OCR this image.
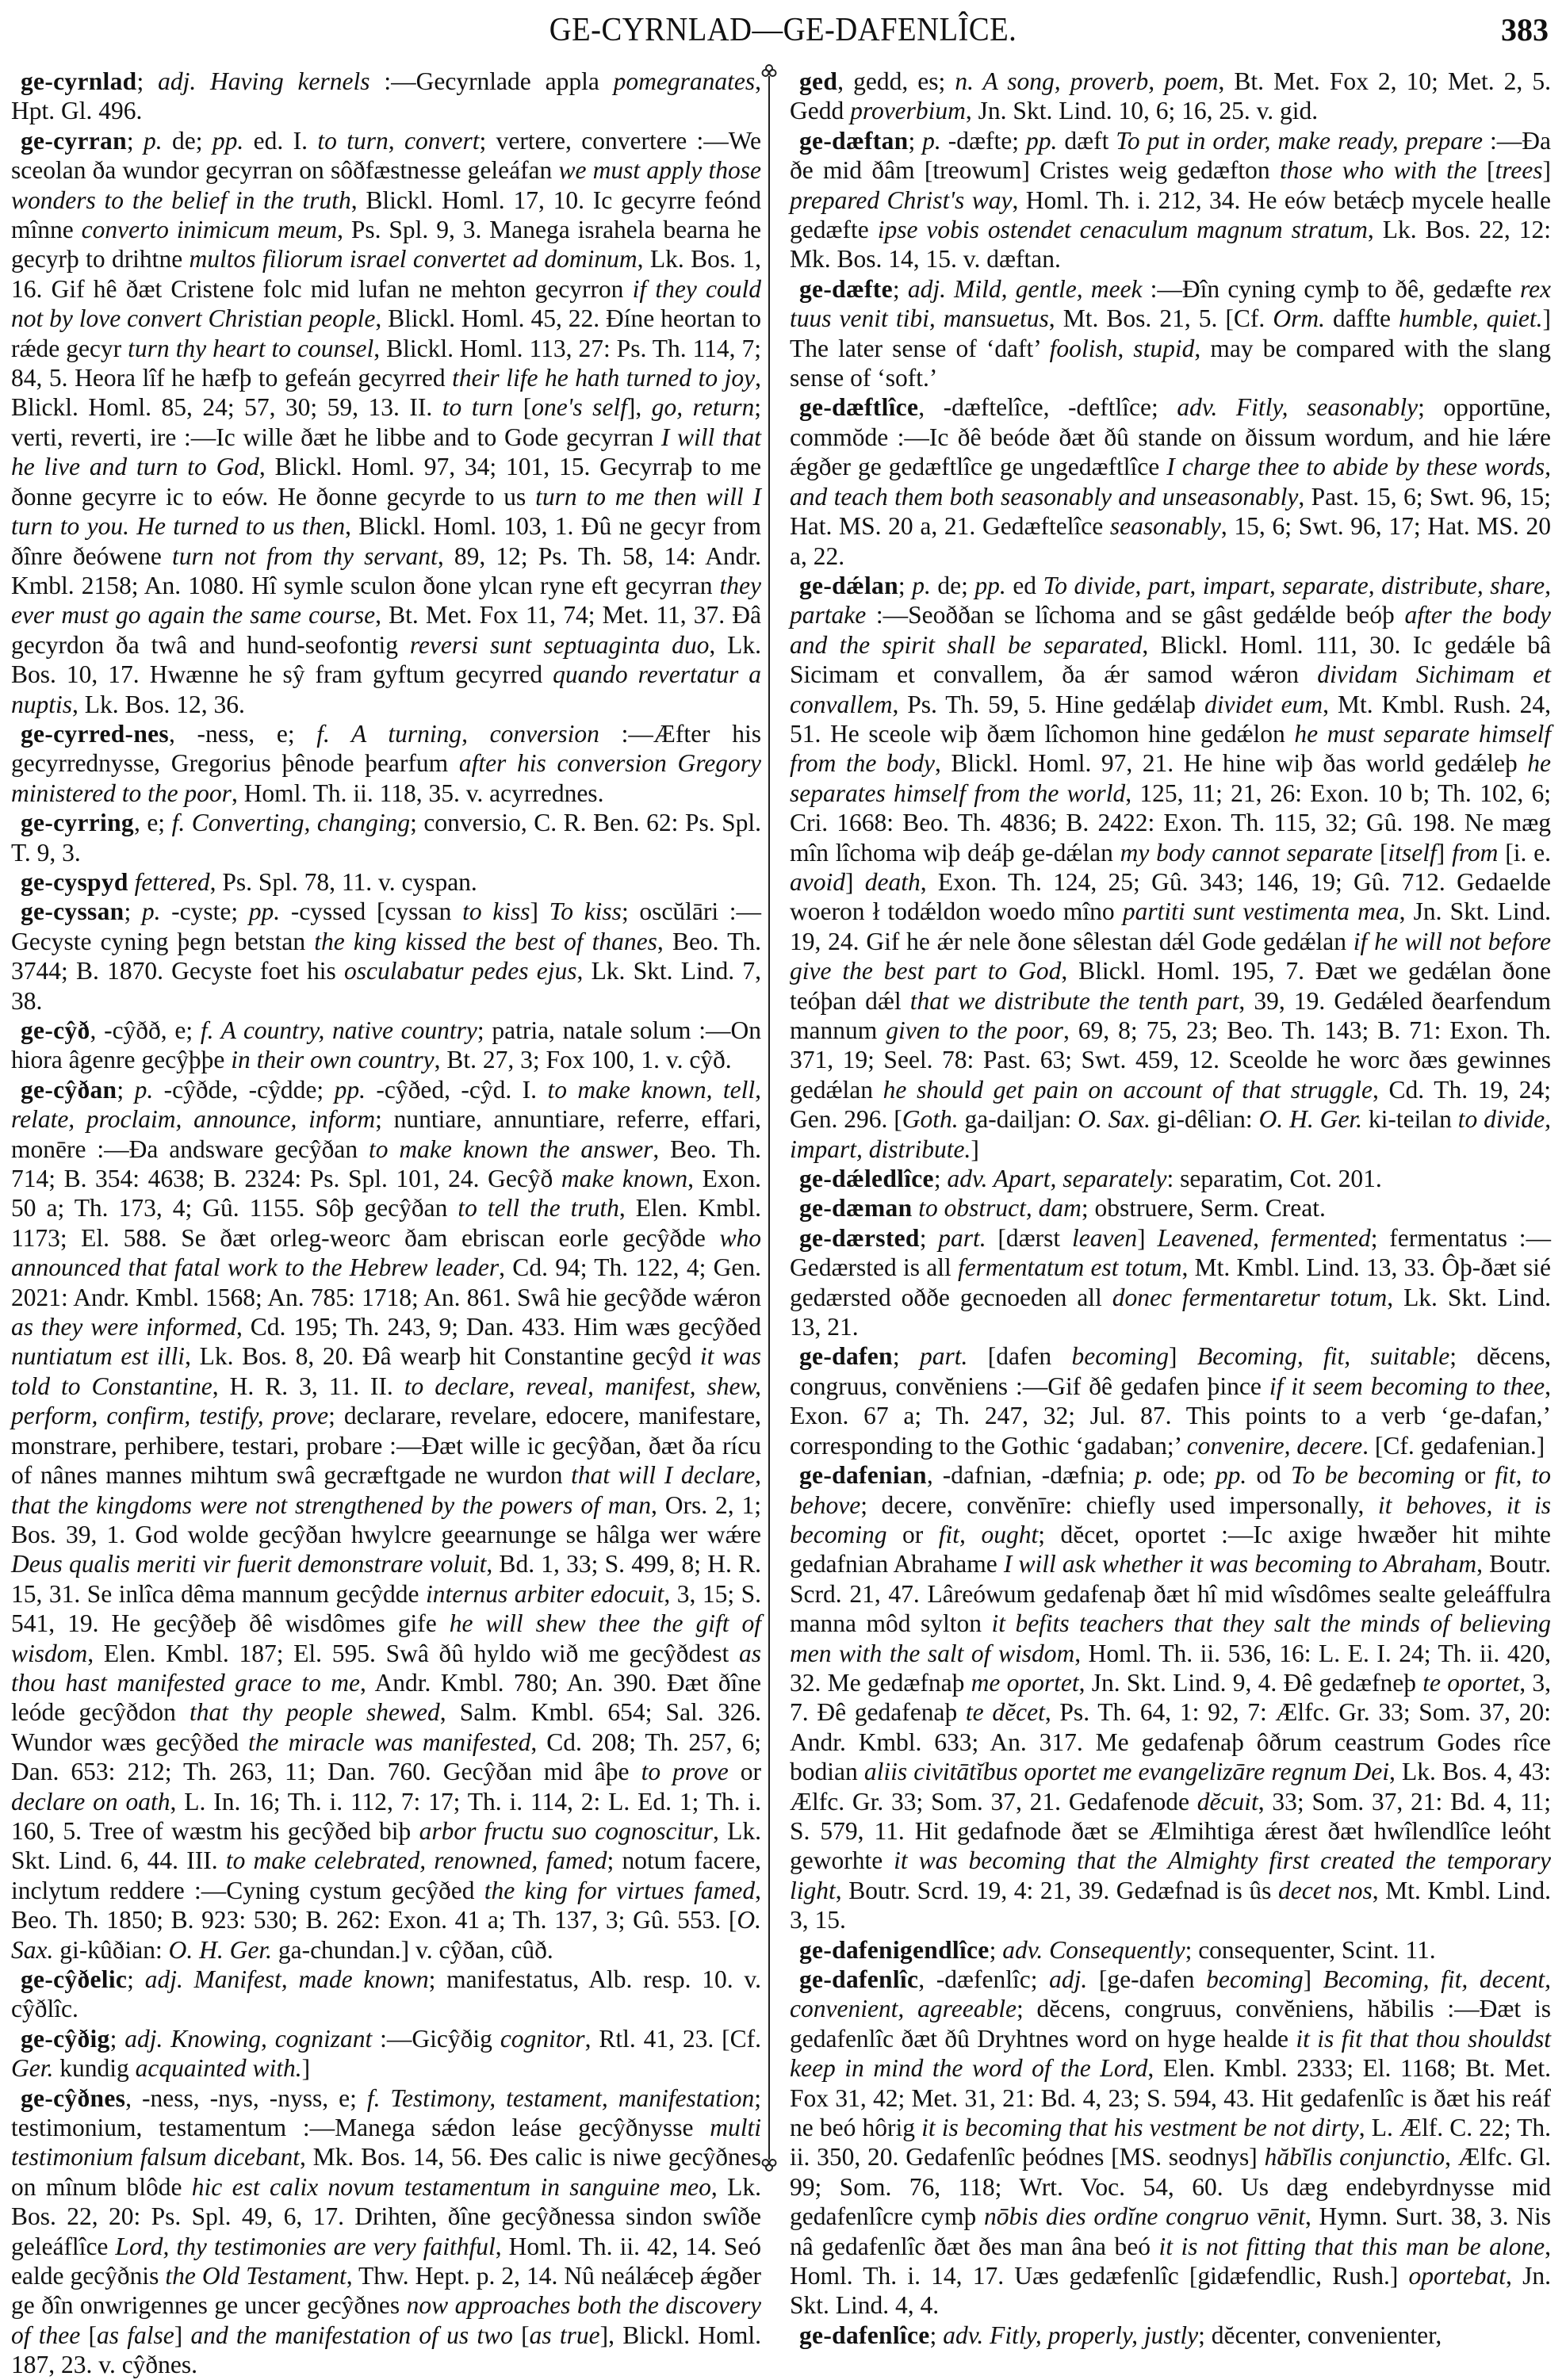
GE-CYRNLAD—GE-DAFENLÎCE.	383

ge-cyrnlad; adj. Having kernels :—Gecyrnlade appla pomegranates, Hpt. Gl. 496.

ge-cyrran; p. de; pp. ed. I. to turn, convert; vertere, convertere :—We sceolan ða wundor gecyrran on sôðfæstnesse geleáfan we must apply those wonders to the belief in the truth, Blickl. Homl. 17, 10. Ic gecyrre feónd mînne converto inimicum meum, Ps. Spl. 9, 3. Manega israhela bearna he gecyrþ to drihtne multos filiorum israel convertet ad dominum, Lk. Bos. 1, 16. Gif hê ðæt Cristene folc mid lufan ne mehton gecyrron if they could not by love convert Christian people, Blickl. Homl. 45, 22. Ðíne heortan to rǽde gecyr turn thy heart to counsel, Blickl. Homl. 113, 27: Ps. Th. 114, 7; 84, 5. Heora lîf he hæfþ to gefeán gecyrred their life he hath turned to joy, Blickl. Homl. 85, 24; 57, 30; 59, 13. II. to turn [one's self], go, return; verti, reverti, ire :—Ic wille ðæt he libbe and to Gode gecyrran I will that he live and turn to God, Blickl. Homl. 97, 34; 101, 15. Gecyrraþ to me ðonne gecyrre ic to eów. He ðonne gecyrde to us turn to me then will I turn to you. He turned to us then, Blickl. Homl. 103, 1. Ðû ne gecyr from ðînre ðeówene turn not from thy servant, 89, 12; Ps. Th. 58, 14: Andr. Kmbl. 2158; An. 1080. Hî symle sculon ðone ylcan ryne eft gecyrran they ever must go again the same course, Bt. Met. Fox 11, 74; Met. 11, 37. Ðâ gecyrdon ða twâ and hund-seofontig reversi sunt septuaginta duo, Lk. Bos. 10, 17. Hwænne he sŷ fram gyftum gecyrred quando revertatur a nuptis, Lk. Bos. 12, 36.

ge-cyrred-nes, -ness, e; f. A turning, conversion :—Æfter his gecyrrednysse, Gregorius þênode þearfum after his conversion Gregory ministered to the poor, Homl. Th. ii. 118, 35. v. acyrrednes.

ge-cyrring, e; f. Converting, changing; conversio, C. R. Ben. 62: Ps. Spl. T. 9, 3.

ge-cyspyd fettered, Ps. Spl. 78, 11. v. cyspan.

ge-cyssan; p. -cyste; pp. -cyssed [cyssan to kiss] To kiss; oscŭlāri :—Gecyste cyning þegn betstan the king kissed the best of thanes, Beo. Th. 3744; B. 1870. Gecyste foet his osculabatur pedes ejus, Lk. Skt. Lind. 7, 38.

ge-cŷð, -cŷðð, e; f. A country, native country; patria, natale solum :—On hiora âgenre gecŷþþe in their own country, Bt. 27, 3; Fox 100, 1. v. cŷð.

ge-cŷðan; p. -cŷðde, -cŷdde; pp. -cŷðed, -cŷd. I. to make known, tell, relate, proclaim, announce, inform; nuntiare, annuntiare, referre, effari, monēre :—Ða andsware gecŷðan to make known the answer, Beo. Th. 714; B. 354: 4638; B. 2324: Ps. Spl. 101, 24. Gecŷð make known, Exon. 50 a; Th. 173, 4; Gû. 1155. Sôþ gecŷðan to tell the truth, Elen. Kmbl. 1173; El. 588. Se ðæt orleg-weorc ðam ebriscan eorle gecŷðde who announced that fatal work to the Hebrew leader, Cd. 94; Th. 122, 4; Gen. 2021: Andr. Kmbl. 1568; An. 785: 1718; An. 861. Swâ hie gecŷðde wǽron as they were informed, Cd. 195; Th. 243, 9; Dan. 433. Him wæs gecŷðed nuntiatum est illi, Lk. Bos. 8, 20. Ðâ wearþ hit Constantine gecŷd it was told to Constantine, H. R. 3, 11. II. to declare, reveal, manifest, shew, perform, confirm, testify, prove; declarare, revelare, edocere, manifestare, monstrare, perhibere, testari, probare :—Ðæt wille ic gecŷðan, ðæt ða rícu of nânes mannes mihtum swâ gecræftgade ne wurdon that will I declare, that the kingdoms were not strengthened by the powers of man, Ors. 2, 1; Bos. 39, 1. God wolde gecŷðan hwylcre geearnunge se hâlga wer wǽre Deus qualis meriti vir fuerit demonstrare voluit, Bd. 1, 33; S. 499, 8; H. R. 15, 31. Se inlîca dêma mannum gecŷdde internus arbiter edocuit, 3, 15; S. 541, 19. He gecŷðeþ ðê wisdômes gife he will shew thee the gift of wisdom, Elen. Kmbl. 187; El. 595. Swâ ðû hyldo wið me gecŷðdest as thou hast manifested grace to me, Andr. Kmbl. 780; An. 390. Ðæt ðîne leóde gecŷðdon that thy people shewed, Salm. Kmbl. 654; Sal. 326. Wundor wæs gecŷðed the miracle was manifested, Cd. 208; Th. 257, 6; Dan. 653: 212; Th. 263, 11; Dan. 760. Gecŷðan mid âþe to prove or declare on oath, L. In. 16; Th. i. 112, 7: 17; Th. i. 114, 2: L. Ed. 1; Th. i. 160, 5. Tree of wæstm his gecŷðed biþ arbor fructu suo cognoscitur, Lk. Skt. Lind. 6, 44. III. to make celebrated, renowned, famed; notum facere, inclytum reddere :—Cyning cystum gecŷðed the king for virtues famed, Beo. Th. 1850; B. 923: 530; B. 262: Exon. 41 a; Th. 137, 3; Gû. 553. [O. Sax. gi-kûðian: O. H. Ger. ga-chundan.] v. cŷðan, cûð.

ge-cŷðelic; adj. Manifest, made known; manifestatus, Alb. resp. 10. v. cŷðlîc.

ge-cŷðig; adj. Knowing, cognizant :—Gicŷðig cognitor, Rtl. 41, 23. [Cf. Ger. kundig acquainted with.]

ge-cŷðnes, -ness, -nys, -nyss, e; f. Testimony, testament, manifestation; testimonium, testamentum :—Manega sǽdon leáse gecŷðnysse multi testimonium falsum dicebant, Mk. Bos. 14, 56. Ðes calic is niwe gecŷðnes on mînum blôde hic est calix novum testamentum in sanguine meo, Lk. Bos. 22, 20: Ps. Spl. 49, 6, 17. Drihten, ðîne gecŷðnessa sindon swîðe geleáflîce Lord, thy testimonies are very faithful, Homl. Th. ii. 42, 14. Seó ealde gecŷðnis the Old Testament, Thw. Hept. p. 2, 14. Nû neálǽceþ ǽgðer ge ðîn onwrigennes ge uncer gecŷðnes now approaches both the discovery of thee [as false] and the manifestation of us two [as true], Blickl. Homl. 187, 23. v. cŷðnes.

ged, gedd, es; n. A song, proverb, poem, Bt. Met. Fox 2, 10; Met. 2, 5. Gedd proverbium, Jn. Skt. Lind. 10, 6; 16, 25. v. gid.

ge-dæftan; p. -dæfte; pp. dæft To put in order, make ready, prepare :—Ða ðe mid ðâm [treowum] Cristes weig gedæfton those who with the [trees] prepared Christ's way, Homl. Th. i. 212, 34. He eów betǽcþ mycele healle gedæfte ipse vobis ostendet cenaculum magnum stratum, Lk. Bos. 22, 12: Mk. Bos. 14, 15. v. dæftan.

ge-dæfte; adj. Mild, gentle, meek :—Ðîn cyning cymþ to ðê, gedæfte rex tuus venit tibi, mansuetus, Mt. Bos. 21, 5. [Cf. Orm. daffte humble, quiet.] The later sense of ‘daft’ foolish, stupid, may be compared with the slang sense of ‘soft.’

ge-dæftlîce, -dæftelîce, -deftlîce; adv. Fitly, seasonably; opportūne, commŏde :—Ic ðê beóde ðæt ðû stande on ðissum wordum, and hie lǽre ǽgðer ge gedæftlîce ge ungedæftlîce I charge thee to abide by these words, and teach them both seasonably and unseasonably, Past. 15, 6; Swt. 96, 15; Hat. MS. 20 a, 21. Gedæftelîce seasonably, 15, 6; Swt. 96, 17; Hat. MS. 20 a, 22.

ge-dǽlan; p. de; pp. ed To divide, part, impart, separate, distribute, share, partake :—Seoððan se lîchoma and se gâst gedǽlde beóþ after the body and the spirit shall be separated, Blickl. Homl. 111, 30. Ic gedǽle bâ Sicimam et convallem, ða ǽr samod wǽron dividam Sichimam et convallem, Ps. Th. 59, 5. Hine gedǽlaþ dividet eum, Mt. Kmbl. Rush. 24, 51. He sceole wiþ ðæm lîchomon hine gedǽlon he must separate himself from the body, Blickl. Homl. 97, 21. He hine wiþ ðas world gedǽleþ he separates himself from the world, 125, 11; 21, 26: Exon. 10 b; Th. 102, 6; Cri. 1668: Beo. Th. 4836; B. 2422: Exon. Th. 115, 32; Gû. 198. Ne mæg mîn lîchoma wiþ deáþ ge-dǽlan my body cannot separate [itself] from [i. e. avoid] death, Exon. Th. 124, 25; Gû. 343; 146, 19; Gû. 712. Gedaelde woeron ł todǽldon woedo mîno partiti sunt vestimenta mea, Jn. Skt. Lind. 19, 24. Gif he ǽr nele ðone sêlestan dǽl Gode gedǽlan if he will not before give the best part to God, Blickl. Homl. 195, 7. Ðæt we gedǽlan ðone teóþan dǽl that we distribute the tenth part, 39, 19. Gedǽled ðearfendum mannum given to the poor, 69, 8; 75, 23; Beo. Th. 143; B. 71: Exon. Th. 371, 19; Seel. 78: Past. 63; Swt. 459, 12. Sceolde he worc ðæs gewinnes gedǽlan he should get pain on account of that struggle, Cd. Th. 19, 24; Gen. 296. [Goth. ga-dailjan: O. Sax. gi-dêlian: O. H. Ger. ki-teilan to divide, impart, distribute.]

ge-dǽledlîce; adv. Apart, separately: separatim, Cot. 201.

ge-dæman to obstruct, dam; obstruere, Serm. Creat.

ge-dærsted; part. [dærst leaven] Leavened, fermented; fermentatus :—Gedærsted is all fermentatum est totum, Mt. Kmbl. Lind. 13, 33. Ôþ-ðæt sié gedærsted oððe gecnoeden all donec fermentaretur totum, Lk. Skt. Lind. 13, 21.

ge-dafen; part. [dafen becoming] Becoming, fit, suitable; dĕcens, congruus, convĕniens :—Gif ðê gedafen þince if it seem becoming to thee, Exon. 67 a; Th. 247, 32; Jul. 87. This points to a verb ‘ge-dafan,’ corresponding to the Gothic ‘gadaban;’ convenire, decere. [Cf. gedafenian.]

ge-dafenian, -dafnian, -dæfnia; p. ode; pp. od To be becoming or fit, to behove; decere, convĕnīre: chiefly used impersonally, it behoves, it is becoming or fit, ought; dĕcet, oportet :—Ic axige hwæðer hit mihte gedafnian Abrahame I will ask whether it was becoming to Abraham, Boutr. Scrd. 21, 47. Lâreówum gedafenaþ ðæt hî mid wîsdômes sealte geleáffulra manna môd sylton it befits teachers that they salt the minds of believing men with the salt of wisdom, Homl. Th. ii. 536, 16: L. E. I. 24; Th. ii. 420, 32. Me gedæfnaþ me oportet, Jn. Skt. Lind. 9, 4. Ðê gedæfneþ te oportet, 3, 7. Ðê gedafenaþ te dĕcet, Ps. Th. 64, 1: 92, 7: Ælfc. Gr. 33; Som. 37, 20: Andr. Kmbl. 633; An. 317. Me gedafenaþ ôðrum ceastrum Godes rîce bodian aliis civitātĭbus oportet me evangelizāre regnum Dei, Lk. Bos. 4, 43: Ælfc. Gr. 33; Som. 37, 21. Gedafenode dĕcuit, 33; Som. 37, 21: Bd. 4, 11; S. 579, 11. Hit gedafnode ðæt se Ælmihtiga ǽrest ðæt hwîlendlîce leóht geworhte it was becoming that the Almighty first created the temporary light, Boutr. Scrd. 19, 4: 21, 39. Gedæfnad is ûs decet nos, Mt. Kmbl. Lind. 3, 15.

ge-dafenigendlîce; adv. Consequently; consequenter, Scint. 11.

ge-dafenlîc, -dæfenlîc; adj. [ge-dafen becoming] Becoming, fit, decent, convenient, agreeable; dĕcens, congruus, convĕniens, hăbilis :—Ðæt is gedafenlîc ðæt ðû Dryhtnes word on hyge healde it is fit that thou shouldst keep in mind the word of the Lord, Elen. Kmbl. 2333; El. 1168; Bt. Met. Fox 31, 42; Met. 31, 21: Bd. 4, 23; S. 594, 43. Hit gedafenlîc is ðæt his reáf ne beó hôrig it is becoming that his vestment be not dirty, L. Ælf. C. 22; Th. ii. 350, 20. Gedafenlîc þeódnes [MS. seodnys] hăbĭlis conjunctio, Ælfc. Gl. 99; Som. 76, 118; Wrt. Voc. 54, 60. Us dæg endebyrdnysse mid gedafenlîcre cymþ nōbis dies ordĭne congruo vēnit, Hymn. Surt. 38, 3. Nis nâ gedafenlîc ðæt ðes man âna beó it is not fitting that this man be alone, Homl. Th. i. 14, 17. Uæs gedæfenlîc [gidæfendlic, Rush.] oportebat, Jn. Skt. Lind. 4, 4.

ge-dafenlîce; adv. Fitly, properly, justly; dĕcenter, convenienter,
